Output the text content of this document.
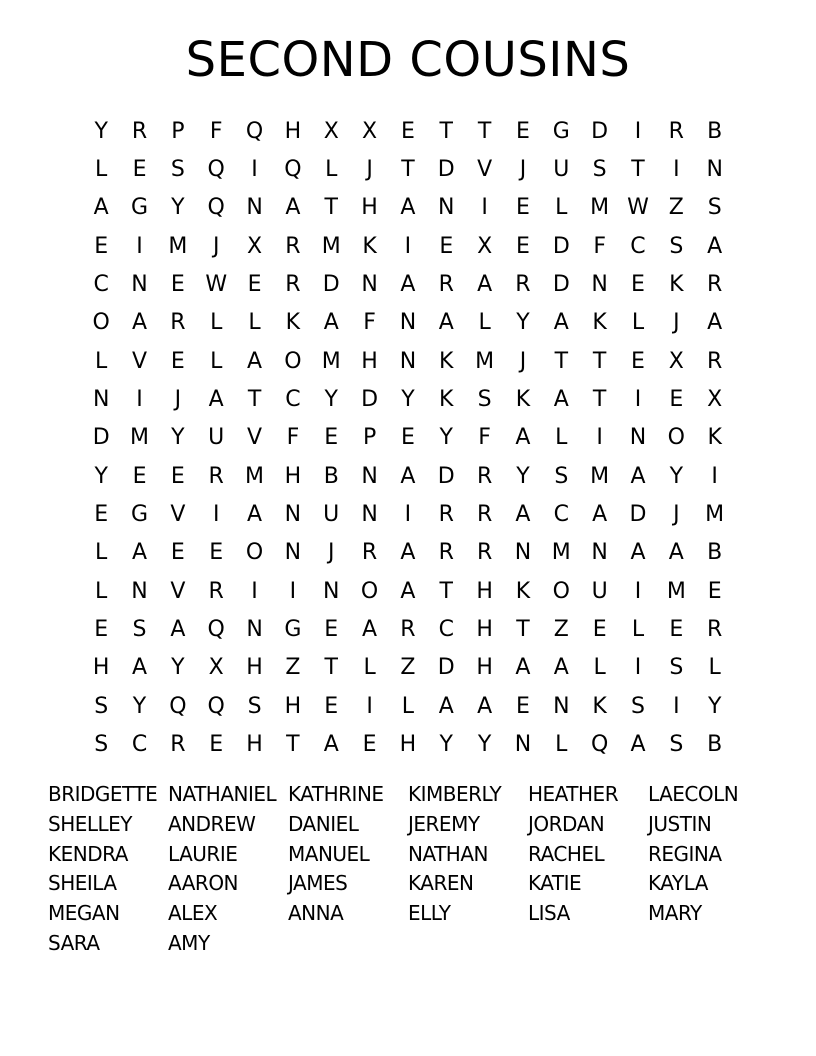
SECOND COUSINS
Y	R	P	F	Q H	X	X	E	T	T	E	G D	I	R	B
L	E	S	Q	I	Q	L	J	T	D	V	J	U	S	T	I	N
A	G	Y	Q N	A	T	H	A	N	I	E	L	M W Z	S
E	I	M	J	X	R M K	I	E	X	E	D	F	C	S	A
C	N	E W E	R	D N	A	R	A	R	D N	E	K	R
O	A	R	L	L	K	A	F	N	A	L	Y	A	K	L	J	A
L	V	E	L	A	O M H N	K M	J	T	T	E	X	R
N	I	J	A	T	C	Y	D	Y	K	S	K	A	T	I	E	X
D M	Y	U	V	F	E	P	E	Y	F	A	L	I	N O	K
Y	E	E	R M H	B	N	A	D	R	Y	S M A	Y	I
E	G	V	I	A	N	U	N	I	R	R	A	C	A	D	J	M
L	A	E	E	O N	J	R	A	R	R	N M N	A	A	B
L	N	V	R	I	I	N O	A	T	H	K	O U	I	M E
E	S	A	Q N G	E	A	R	C	H	T	Z	E	L	E	R
H	A	Y	X	H	Z	T	L	Z	D H	A	A	L	I	S	L
S	Y	Q Q	S	H	E	I	L	A	A	E	N	K	S	I	Y
S	C	R	E	H	T	A	E	H	Y	Y	N	L	Q	A	S	B
BRIDGETTE NATHANIEL KATHRINE	KIMBERLY	HEATHER	LAECOLN
SHELLEY	ANDREW	DANIEL	JEREMY	JORDAN	JUSTIN
KENDRA	LAURIE	MANUEL	NATHAN	RACHEL	REGINA
SHEILA	AARON	JAMES	KAREN	KATIE	KAYLA
MEGAN	ALEX	ANNA	ELLY	LISA	MARY
SARA	AMY
